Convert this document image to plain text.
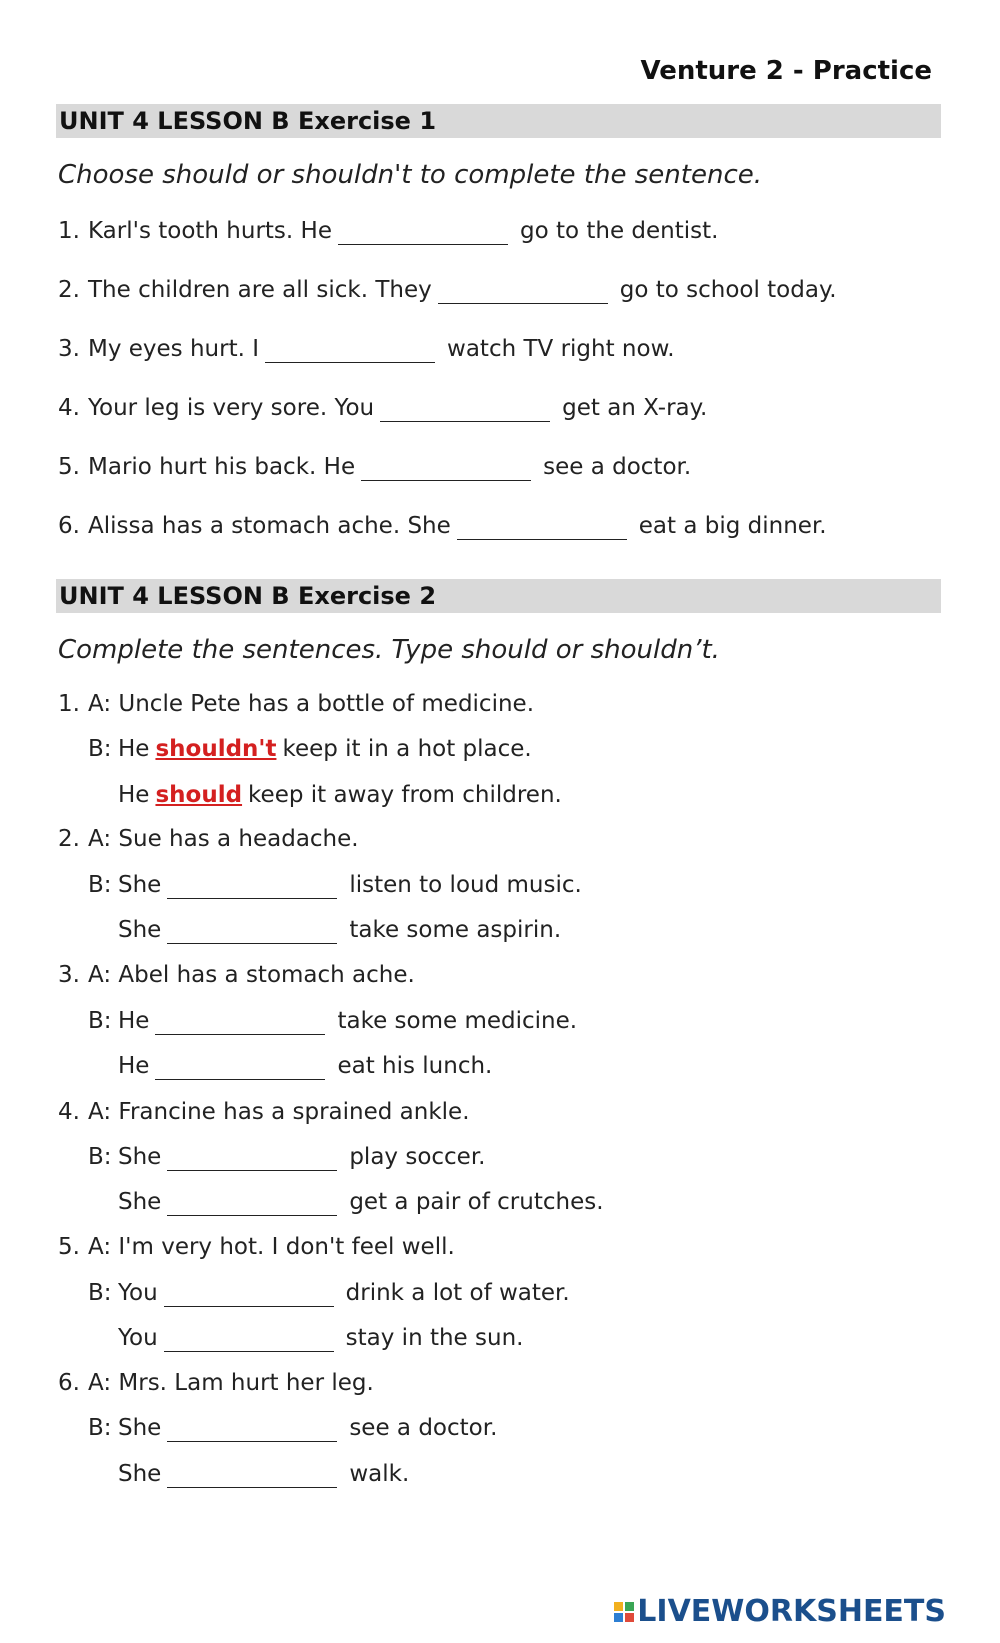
Venture 2 - Practice
UNIT 4 LESSON B Exercise 1
Choose should or shouldn't to complete the sentence.
1. Karl's tooth hurts. He	go to the dentist.
2. The children are all sick. They	go to school today.
3. My eyes hurt. I	watch TV right now.
4. Your leg is very sore. You	get an X-ray.
5. Mario hurt his back. He	see a doctor.
6. Alissa has a stomach ache. She	eat a big dinner.
UNIT 4 LESSON B Exercise 2
Complete the sentences. Type should or shouldn’t.
1. A: Uncle Pete has a bottle of medicine.
B: He shouldn't keep it in a hot place.
He should keep it away from children.
2. A: Sue has a headache.
B: She	listen to loud music.
She	take some aspirin.
3. A: Abel has a stomach ache.
B: He	take some medicine.
He	eat his lunch.
4. A: Francine has a sprained ankle.
B: She	play soccer.
She	get a pair of crutches.
5. A: I'm very hot. I don't feel well.
B: You	drink a lot of water.
You	stay in the sun.
6. A: Mrs. Lam hurt her leg.
B: She	see a doctor.
She	walk.
LIVEWORKSHEETS
